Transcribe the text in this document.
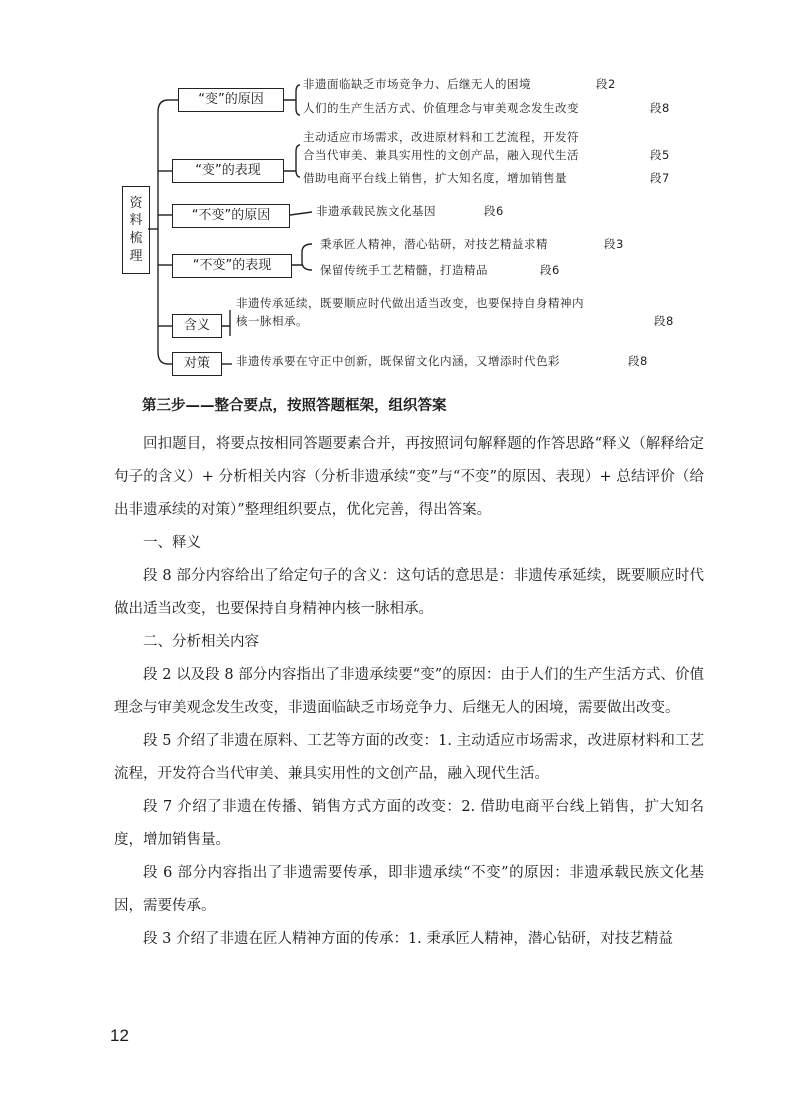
资
料
梳
理
“变”的原因
非遗面临缺乏市场竞争力、后继无人的困境	段2
人们的生产生活方式、价值理念与审美观念发生改变	段8
“变”的表现
主动适应市场需求，改进原材料和工艺流程，开发符
合当代审美、兼具实用性的文创产品，融入现代生活	段5
借助电商平台线上销售，扩大知名度，增加销售量	段7
“不变”的原因	非遗承载民族文化基因	段6
“不变”的表现
秉承匠人精神，潜心钻研，对技艺精益求精	段3
保留传统手工艺精髓，打造精品	段6
含义
非遗传承延续，既要顺应时代做出适当改变，也要保持自身精神内
核一脉相承。	段8
对策	非遗传承要在守正中创新，既保留文化内涵，又增添时代色彩	段8
第三步——整合要点，按照答题框架，组织答案

回扣题目，将要点按相同答题要素合并，再按照词句解释题的作答思路“释义（解释给定句子的含义）+ 分析相关内容（分析非遗承续“变”与“不变”的原因、表现）+ 总结评价（给出非遗承续的对策）”整理组织要点，优化完善，得出答案。

一、释义

段 8 部分内容给出了给定句子的含义：这句话的意思是：非遗传承延续，既要顺应时代做出适当改变，也要保持自身精神内核一脉相承。

二、分析相关内容

段 2 以及段 8 部分内容指出了非遗承续要“变”的原因：由于人们的生产生活方式、价值理念与审美观念发生改变，非遗面临缺乏市场竞争力、后继无人的困境，需要做出改变。

段 5 介绍了非遗在原料、工艺等方面的改变：1. 主动适应市场需求，改进原材料和工艺流程，开发符合当代审美、兼具实用性的文创产品，融入现代生活。

段 7 介绍了非遗在传播、销售方式方面的改变：2. 借助电商平台线上销售，扩大知名度，增加销售量。

段 6 部分内容指出了非遗需要传承，即非遗承续“不变”的原因：非遗承载民族文化基因，需要传承。

段 3 介绍了非遗在匠人精神方面的传承：1. 秉承匠人精神，潜心钻研，对技艺精益

12
